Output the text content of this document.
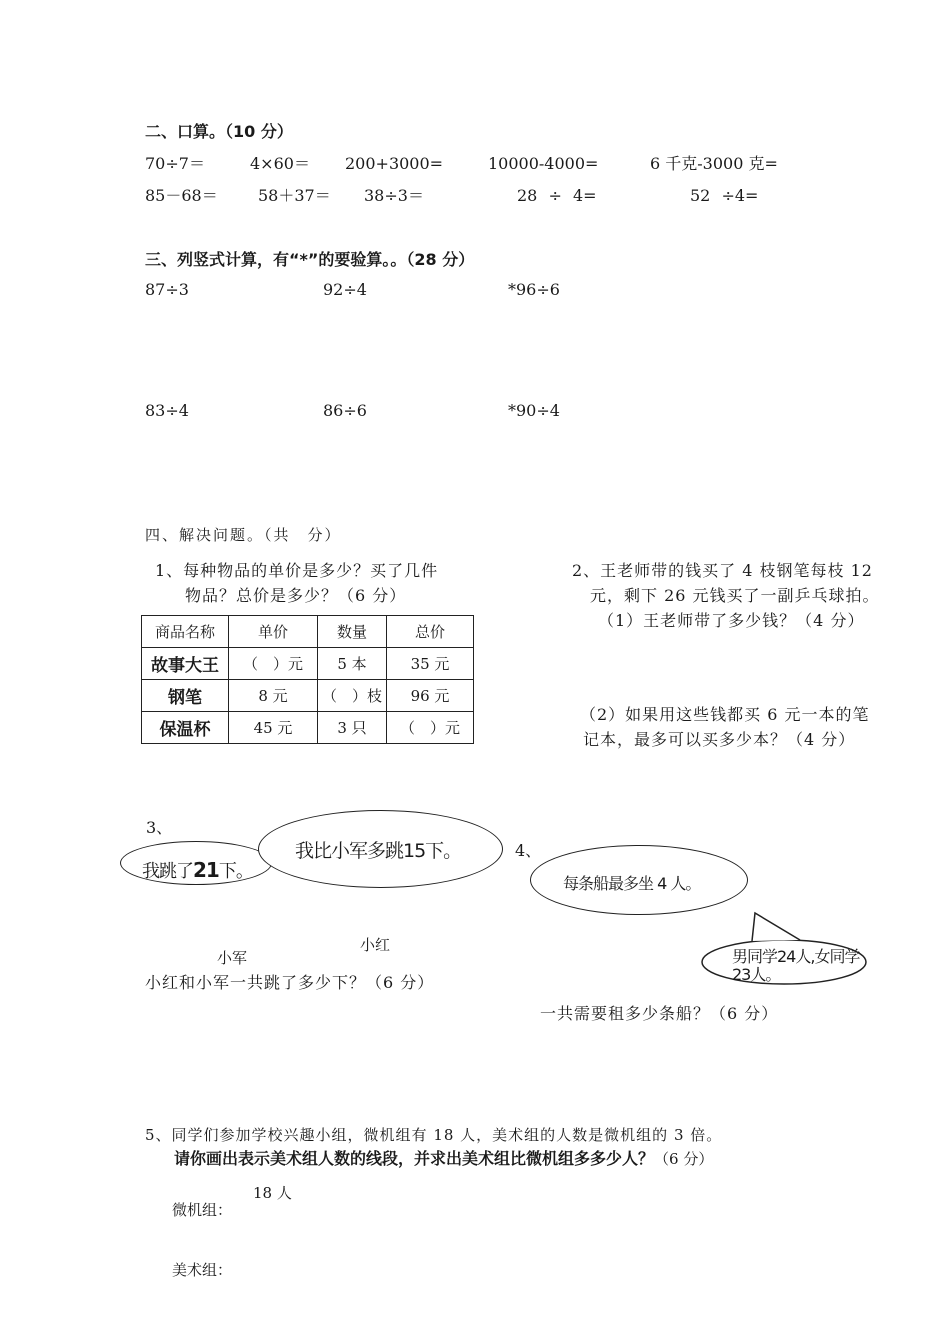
二、口算。（10 分）
70÷7＝	4×60＝ 200+3000=	10000-4000=	6 千克-3000 克=
85－68＝	58＋37＝ 38÷3＝	28 ÷ 4=	52 ÷4=
三、列竖式计算，有“*”的要验算。。（28 分）
87÷3	92÷4	*96÷6
83÷4	86÷6	*90÷4
四、解决问题。（共　分）
1、每种物品的单价是多少？买了几件
物品？总价是多少？（6 分）
商品名称	单价	数量	总价
故事大王	（　）元	5 本	35 元
钢笔	8 元	（　）枝	96 元
保温杯	45 元	3 只	（　）元
2、王老师带的钱买了 4 枝钢笔每枝 12
元，剩下 26 元钱买了一副乒乓球拍。
（1）王老师带了多少钱？（4 分）
（2）如果用这些钱都买 6 元一本的笔
记本，最多可以买多少本？（4 分）
3、
我跳了21下。
我比小军多跳15下。
小军
小红
小红和小军一共跳了多少下？（6 分）
4、
每条船最多坐 4 人。
男同学24人,女同学
23人。
一共需要租多少条船？（6 分）
5、同学们参加学校兴趣小组，微机组有 18 人，美术组的人数是微机组的 3 倍。
请你画出表示美术组人数的线段，并求出美术组比微机组多多少人？（6 分）
18 人
微机组：
美术组：
